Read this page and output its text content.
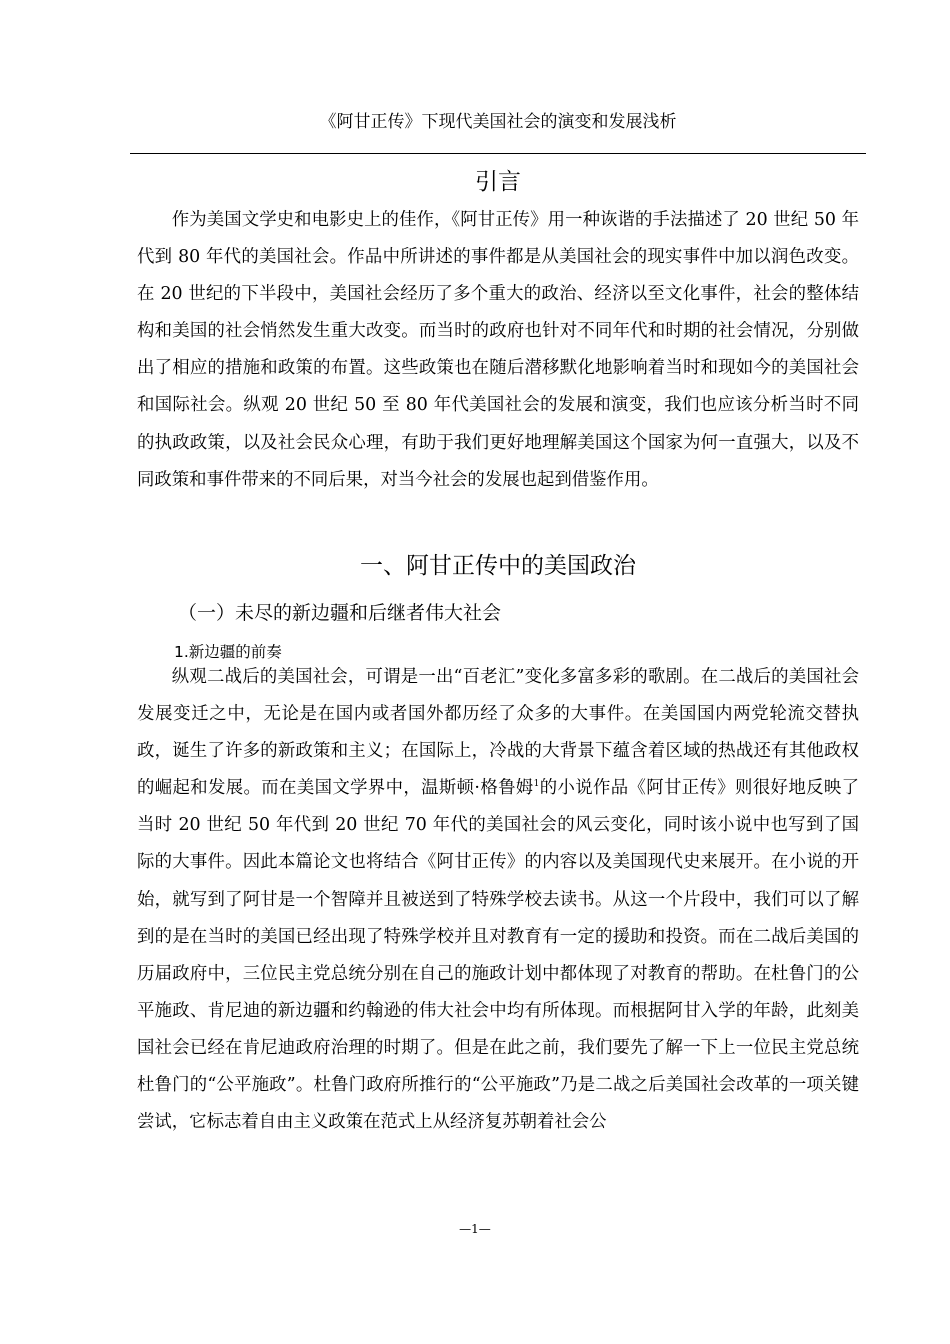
《阿甘正传》下现代美国社会的演变和发展浅析
引言

作为美国文学史和电影史上的佳作，《阿甘正传》用一种诙谐的手法描述了 20 世纪 50 年代到 80 年代的美国社会。作品中所讲述的事件都是从美国社会的现实事件中加以润色改变。在 20 世纪的下半段中，美国社会经历了多个重大的政治、经济以至文化事件，社会的整体结构和美国的社会悄然发生重大改变。而当时的政府也针对不同年代和时期的社会情况，分别做出了相应的措施和政策的布置。这些政策也在随后潜移默化地影响着当时和现如今的美国社会和国际社会。纵观 20 世纪 50 至 80 年代美国社会的发展和演变，我们也应该分析当时不同的执政政策，以及社会民众心理，有助于我们更好地理解美国这个国家为何一直强大，以及不同政策和事件带来的不同后果，对当今社会的发展也起到借鉴作用。

一、阿甘正传中的美国政治
（一）未尽的新边疆和后继者伟大社会
1.新边疆的前奏

纵观二战后的美国社会，可谓是一出“百老汇”变化多富多彩的歌剧。在二战后的美国社会发展变迁之中，无论是在国内或者国外都历经了众多的大事件。在美国国内两党轮流交替执政，诞生了许多的新政策和主义；在国际上，冷战的大背景下蕴含着区域的热战还有其他政权的崛起和发展。而在美国文学界中，温斯顿·格鲁姆$^1$的小说作品《阿甘正传》则很好地反映了当时 20 世纪 50 年代到 20 世纪 70 年代的美国社会的风云变化，同时该小说中也写到了国际的大事件。因此本篇论文也将结合《阿甘正传》的内容以及美国现代史来展开。在小说的开始，就写到了阿甘是一个智障并且被送到了特殊学校去读书。从这一个片段中，我们可以了解到的是在当时的美国已经出现了特殊学校并且对教育有一定的援助和投资。而在二战后美国的历届政府中，三位民主党总统分别在自己的施政计划中都体现了对教育的帮助。在杜鲁门的公平施政、肯尼迪的新边疆和约翰逊的伟大社会中均有所体现。而根据阿甘入学的年龄，此刻美国社会已经在肯尼迪政府治理的时期了。但是在此之前，我们要先了解一下上一位民主党总统杜鲁门的“公平施政”。杜鲁门政府所推行的“公平施政”乃是二战之后美国社会改革的一项关键尝试，它标志着自由主义政策在范式上从经济复苏朝着社会公

—1—
